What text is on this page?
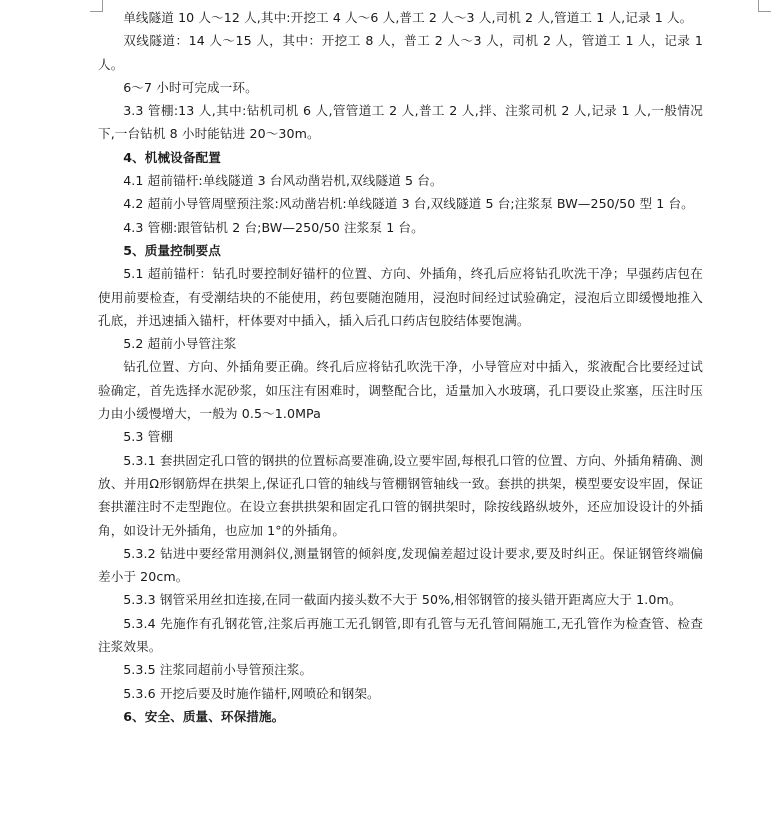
单线隧道 10 人～12 人,其中:开挖工 4 人～6 人,普工 2 人～3 人,司机 2 人,管道工 1 人,记录 1 人。

双线隧道：14 人～15 人，其中：开挖工 8 人，普工 2 人～3 人，司机 2 人，管道工 1 人，记录 1 人。

6～7 小时可完成一环。

3.3 管棚:13 人,其中:钻机司机 6 人,管管道工 2 人,普工 2 人,拌、注浆司机 2 人,记录 1 人,一般情况下,一台钻机 8 小时能钻进 20～30m。

4、机械设备配置

4.1 超前锚杆:单线隧道 3 台风动凿岩机,双线隧道 5 台。

4.2 超前小导管周壁预注浆:风动凿岩机:单线隧道 3 台,双线隧道 5 台;注浆泵 BW—250/50 型 1 台。

4.3 管棚:跟管钻机 2 台;BW—250/50 注浆泵 1 台。

5、质量控制要点

5.1 超前锚杆：钻孔时要控制好锚杆的位置、方向、外插角，终孔后应将钻孔吹洗干净；早强药店包在使用前要检查，有受潮结块的不能使用，药包要随泡随用，浸泡时间经过试验确定，浸泡后立即缓慢地推入孔底，并迅速插入锚杆，杆体要对中插入，插入后孔口药店包胶结体要饱满。

5.2 超前小导管注浆

钻孔位置、方向、外插角要正确。终孔后应将钻孔吹洗干净，小导管应对中插入，浆液配合比要经过试验确定，首先选择水泥砂浆，如压注有困难时，调整配合比，适量加入水玻璃，孔口要设止浆塞，压注时压力由小缓慢增大，一般为 0.5～1.0MPa

5.3 管棚

5.3.1 套拱固定孔口管的钢拱的位置标高要准确,设立要牢固,每根孔口管的位置、方向、外插角精确、测放、并用Ω形钢筋焊在拱架上,保证孔口管的轴线与管棚钢管轴线一致。套拱的拱架，模型要安设牢固，保证套拱灌注时不走型跑位。在设立套拱拱架和固定孔口管的钢拱架时，除按线路纵坡外，还应加设设计的外插角，如设计无外插角，也应加 1°的外插角。

5.3.2 钻进中要经常用测斜仪,测量钢管的倾斜度,发现偏差超过设计要求,要及时纠正。保证钢管终端偏差小于 20cm。

5.3.3 钢管采用丝扣连接,在同一截面内接头数不大于 50%,相邻钢管的接头错开距离应大于 1.0m。

5.3.4 先施作有孔钢花管,注浆后再施工无孔钢管,即有孔管与无孔管间隔施工,无孔管作为检查管、检查注浆效果。

5.3.5 注浆同超前小导管预注浆。

5.3.6 开挖后要及时施作锚杆,网喷砼和钢架。

6、安全、质量、环保措施。
